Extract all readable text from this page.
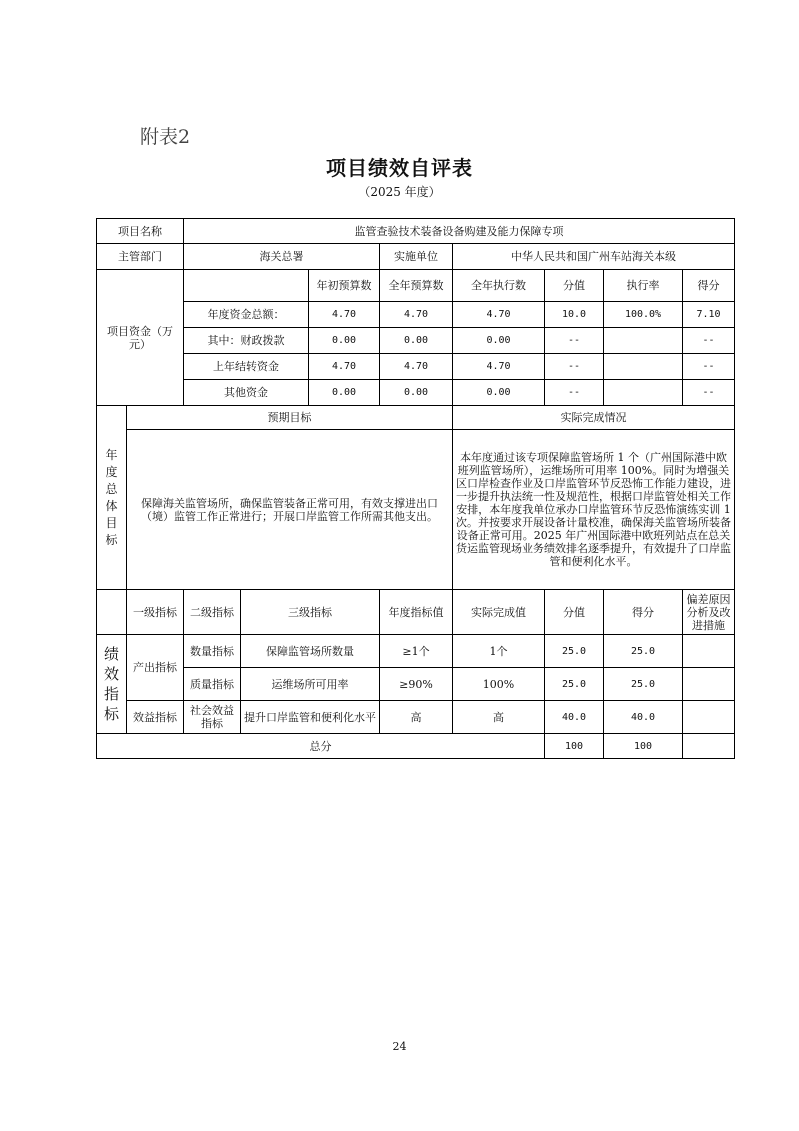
附表2
项目绩效自评表
（2025 年度）
项目名称		监管查验技术装备设备购建及能力保障专项							
主管部门		海关总署			实施单位	中华人民共和国广州车站海关本级			
项目资金（万元）				年初预算数	全年预算数	全年执行数	分值	执行率	得分
		年度资金总额：		4.70	4.70	4.70	10.0	100.0%	7.10
		其中：财政拨款		0.00	0.00	0.00	--		--
		上年结转资金		4.70	4.70	4.70	--		--
		其他资金		0.00	0.00	0.00	--		--
年度总体目标	预期目标					实际完成情况			
	保障海关监管场所，确保监管装备正常可用，有效支撑进出口（境）监管工作正常进行；开展口岸监管工作所需其他支出。					本年度通过该专项保障监管场所 1 个（广州国际港中欧班列监管场所），运维场所可用率 100%。同时为增强关区口岸检查作业及口岸监管环节反恐怖工作能力建设，进一步提升执法统一性及规范性，根据口岸监管处相关工作安排，本年度我单位承办口岸监管环节反恐怖演练实训 1 次。并按要求开展设备计量校准，确保海关监管场所装备设备正常可用。2025 年广州国际港中欧班列站点在总关货运监管现场业务绩效排名逐季提升，有效提升了口岸监管和便利化水平。			
	一级指标	二级指标	三级指标		年度指标值	实际完成值	分值	得分	偏差原因分析及改进措施
绩效指标	产出指标	数量指标	保障监管场所数量		≥1个	1个	25.0	25.0	
		质量指标	运维场所可用率		≥90%	100%	25.0	25.0	
	效益指标	社会效益指标	提升口岸监管和便利化水平		高	高	40.0	40.0	
总分							100	100	
24
